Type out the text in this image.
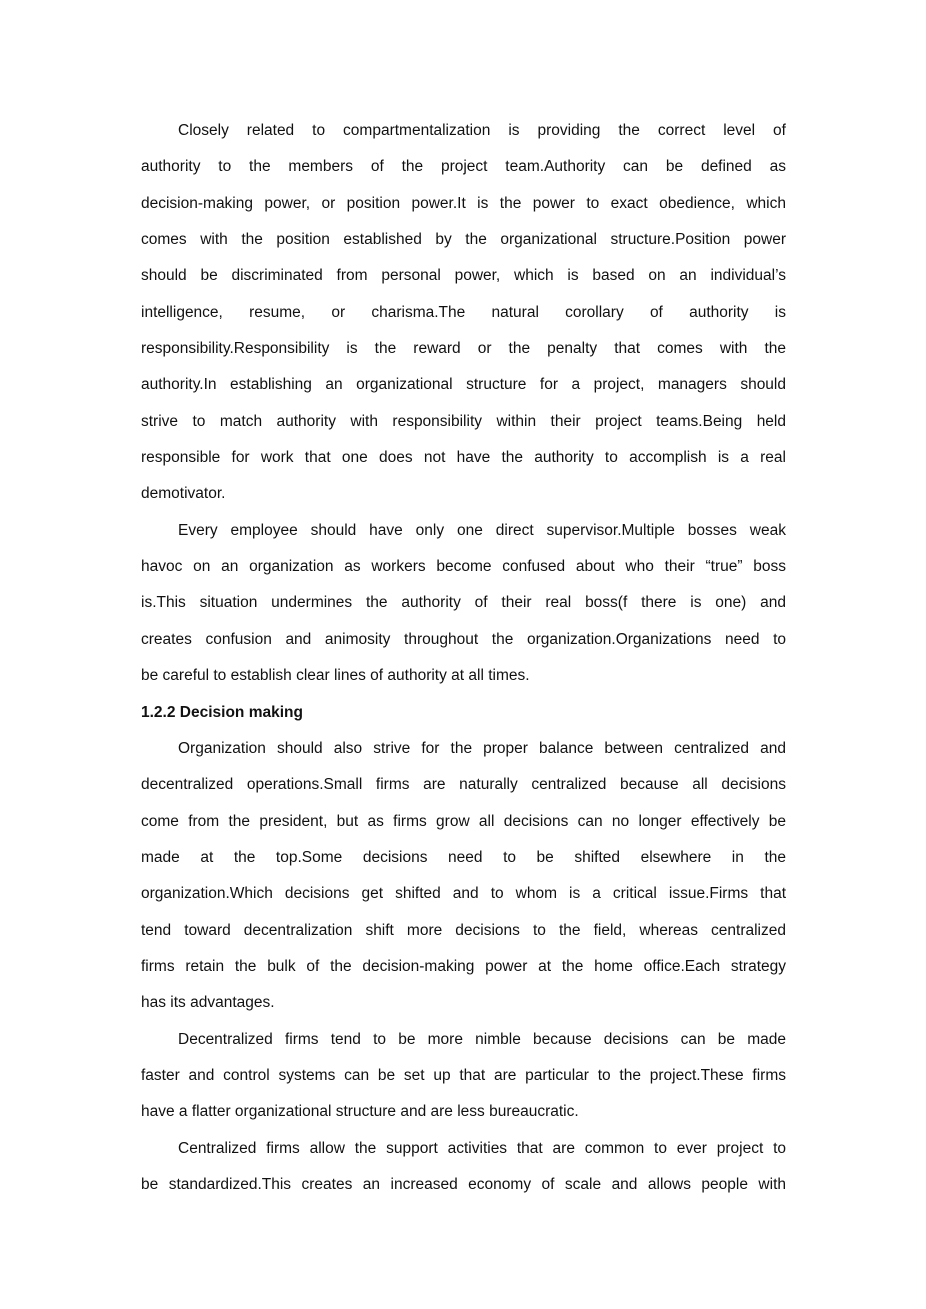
Closely related to compartmentalization is providing the correct level of
authority to the members of the project team.Authority can be defined as
decision-making power, or position power.It is the power to exact obedience, which
comes with the position established by the organizational structure.Position power
should be discriminated from personal power, which is based on an individual’s
intelligence, resume, or charisma.The natural corollary of authority is
responsibility.Responsibility is the reward or the penalty that comes with the
authority.In establishing an organizational structure for a project, managers should
strive to match authority with responsibility within their project teams.Being held
responsible for work that one does not have the authority to accomplish is a real
demotivator.
Every employee should have only one direct supervisor.Multiple bosses weak
havoc on an organization as workers become confused about who their “true” boss
is.This situation undermines the authority of their real boss(f there is one) and
creates confusion and animosity throughout the organization.Organizations need to
be careful to establish clear lines of authority at all times.
1.2.2 Decision making
Organization should also strive for the proper balance between centralized and
decentralized operations.Small firms are naturally centralized because all decisions
come from the president, but as firms grow all decisions can no longer effectively be
made at the top.Some decisions need to be shifted elsewhere in the
organization.Which decisions get shifted and to whom is a critical issue.Firms that
tend toward decentralization shift more decisions to the field, whereas centralized
firms retain the bulk of the decision-making power at the home office.Each strategy
has its advantages.
Decentralized firms tend to be more nimble because decisions can be made
faster and control systems can be set up that are particular to the project.These firms
have a flatter organizational structure and are less bureaucratic.
Centralized firms allow the support activities that are common to ever project to
be standardized.This creates an increased economy of scale and allows people with
